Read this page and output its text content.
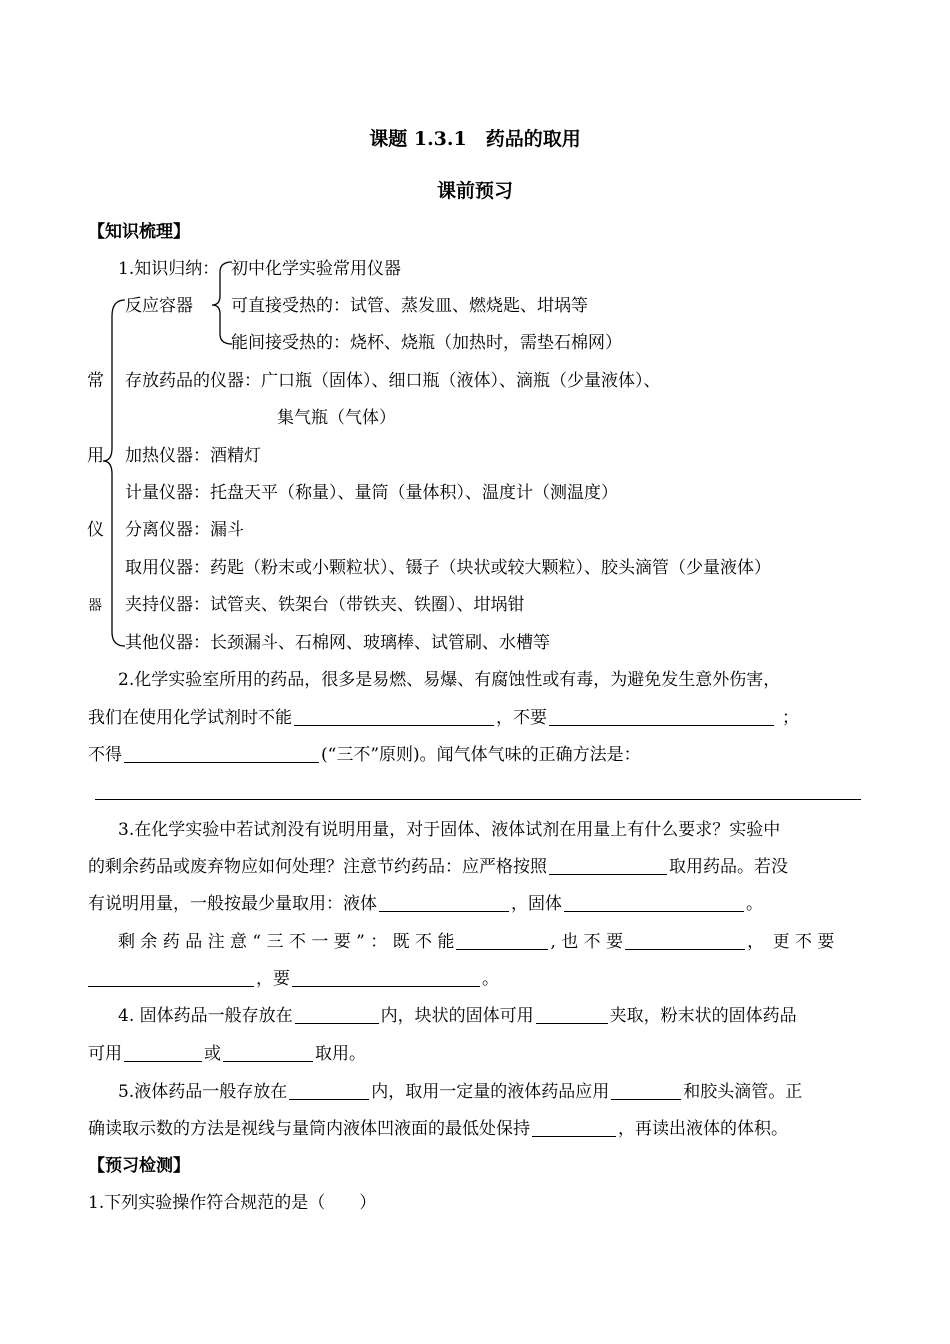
课题 1.3.1　药品的取用
课前预习
【知识梳理】
1.知识归纳： 初中化学实验常用仪器
反应容器 可直接受热的：试管、蒸发皿、燃烧匙、坩埚等
能间接受热的：烧杯、烧瓶（加热时，需垫石棉网）
常
用
仪
器
存放药品的仪器：广口瓶（固体）、细口瓶（液体）、滴瓶（少量液体）、
集气瓶（气体）
加热仪器：酒精灯
计量仪器：托盘天平（称量）、量筒（量体积）、温度计（测温度）
分离仪器：漏斗
取用仪器：药匙（粉末或小颗粒状）、镊子（块状或较大颗粒）、胶头滴管（少量液体）
夹持仪器：试管夹、铁架台（带铁夹、铁圈）、坩埚钳
其他仪器：长颈漏斗、石棉网、玻璃棒、试管刷、水槽等
2.化学实验室所用的药品，很多是易燃、易爆、有腐蚀性或有毒，为避免发生意外伤害，
我们在使用化学试剂时不能	，不要	；
不得	(“三不”原则)。闻气体气味的正确方法是：
3.在化学实验中若试剂没有说明用量，对于固体、液体试剂在用量上有什么要求？实验中
的剩余药品或废弃物应如何处理？注意节约药品：应严格按照	取用药品。若没
有说明用量，一般按最少量取用：液体	，固体	。
剩 余 药 品 注 意 “ 三 不 一 要 ” ： 既 不 能	, 也 不 要	，　更 不 要
，要	。
4. 固体药品一般存放在	内，块状的固体可用	夹取，粉末状的固体药品
可用	或	取用。
5.液体药品一般存放在	内，取用一定量的液体药品应用	和胶头滴管。正
确读取示数的方法是视线与量筒内液体凹液面的最低处保持	，再读出液体的体积。
【预习检测】
1.下列实验操作符合规范的是（　　）
